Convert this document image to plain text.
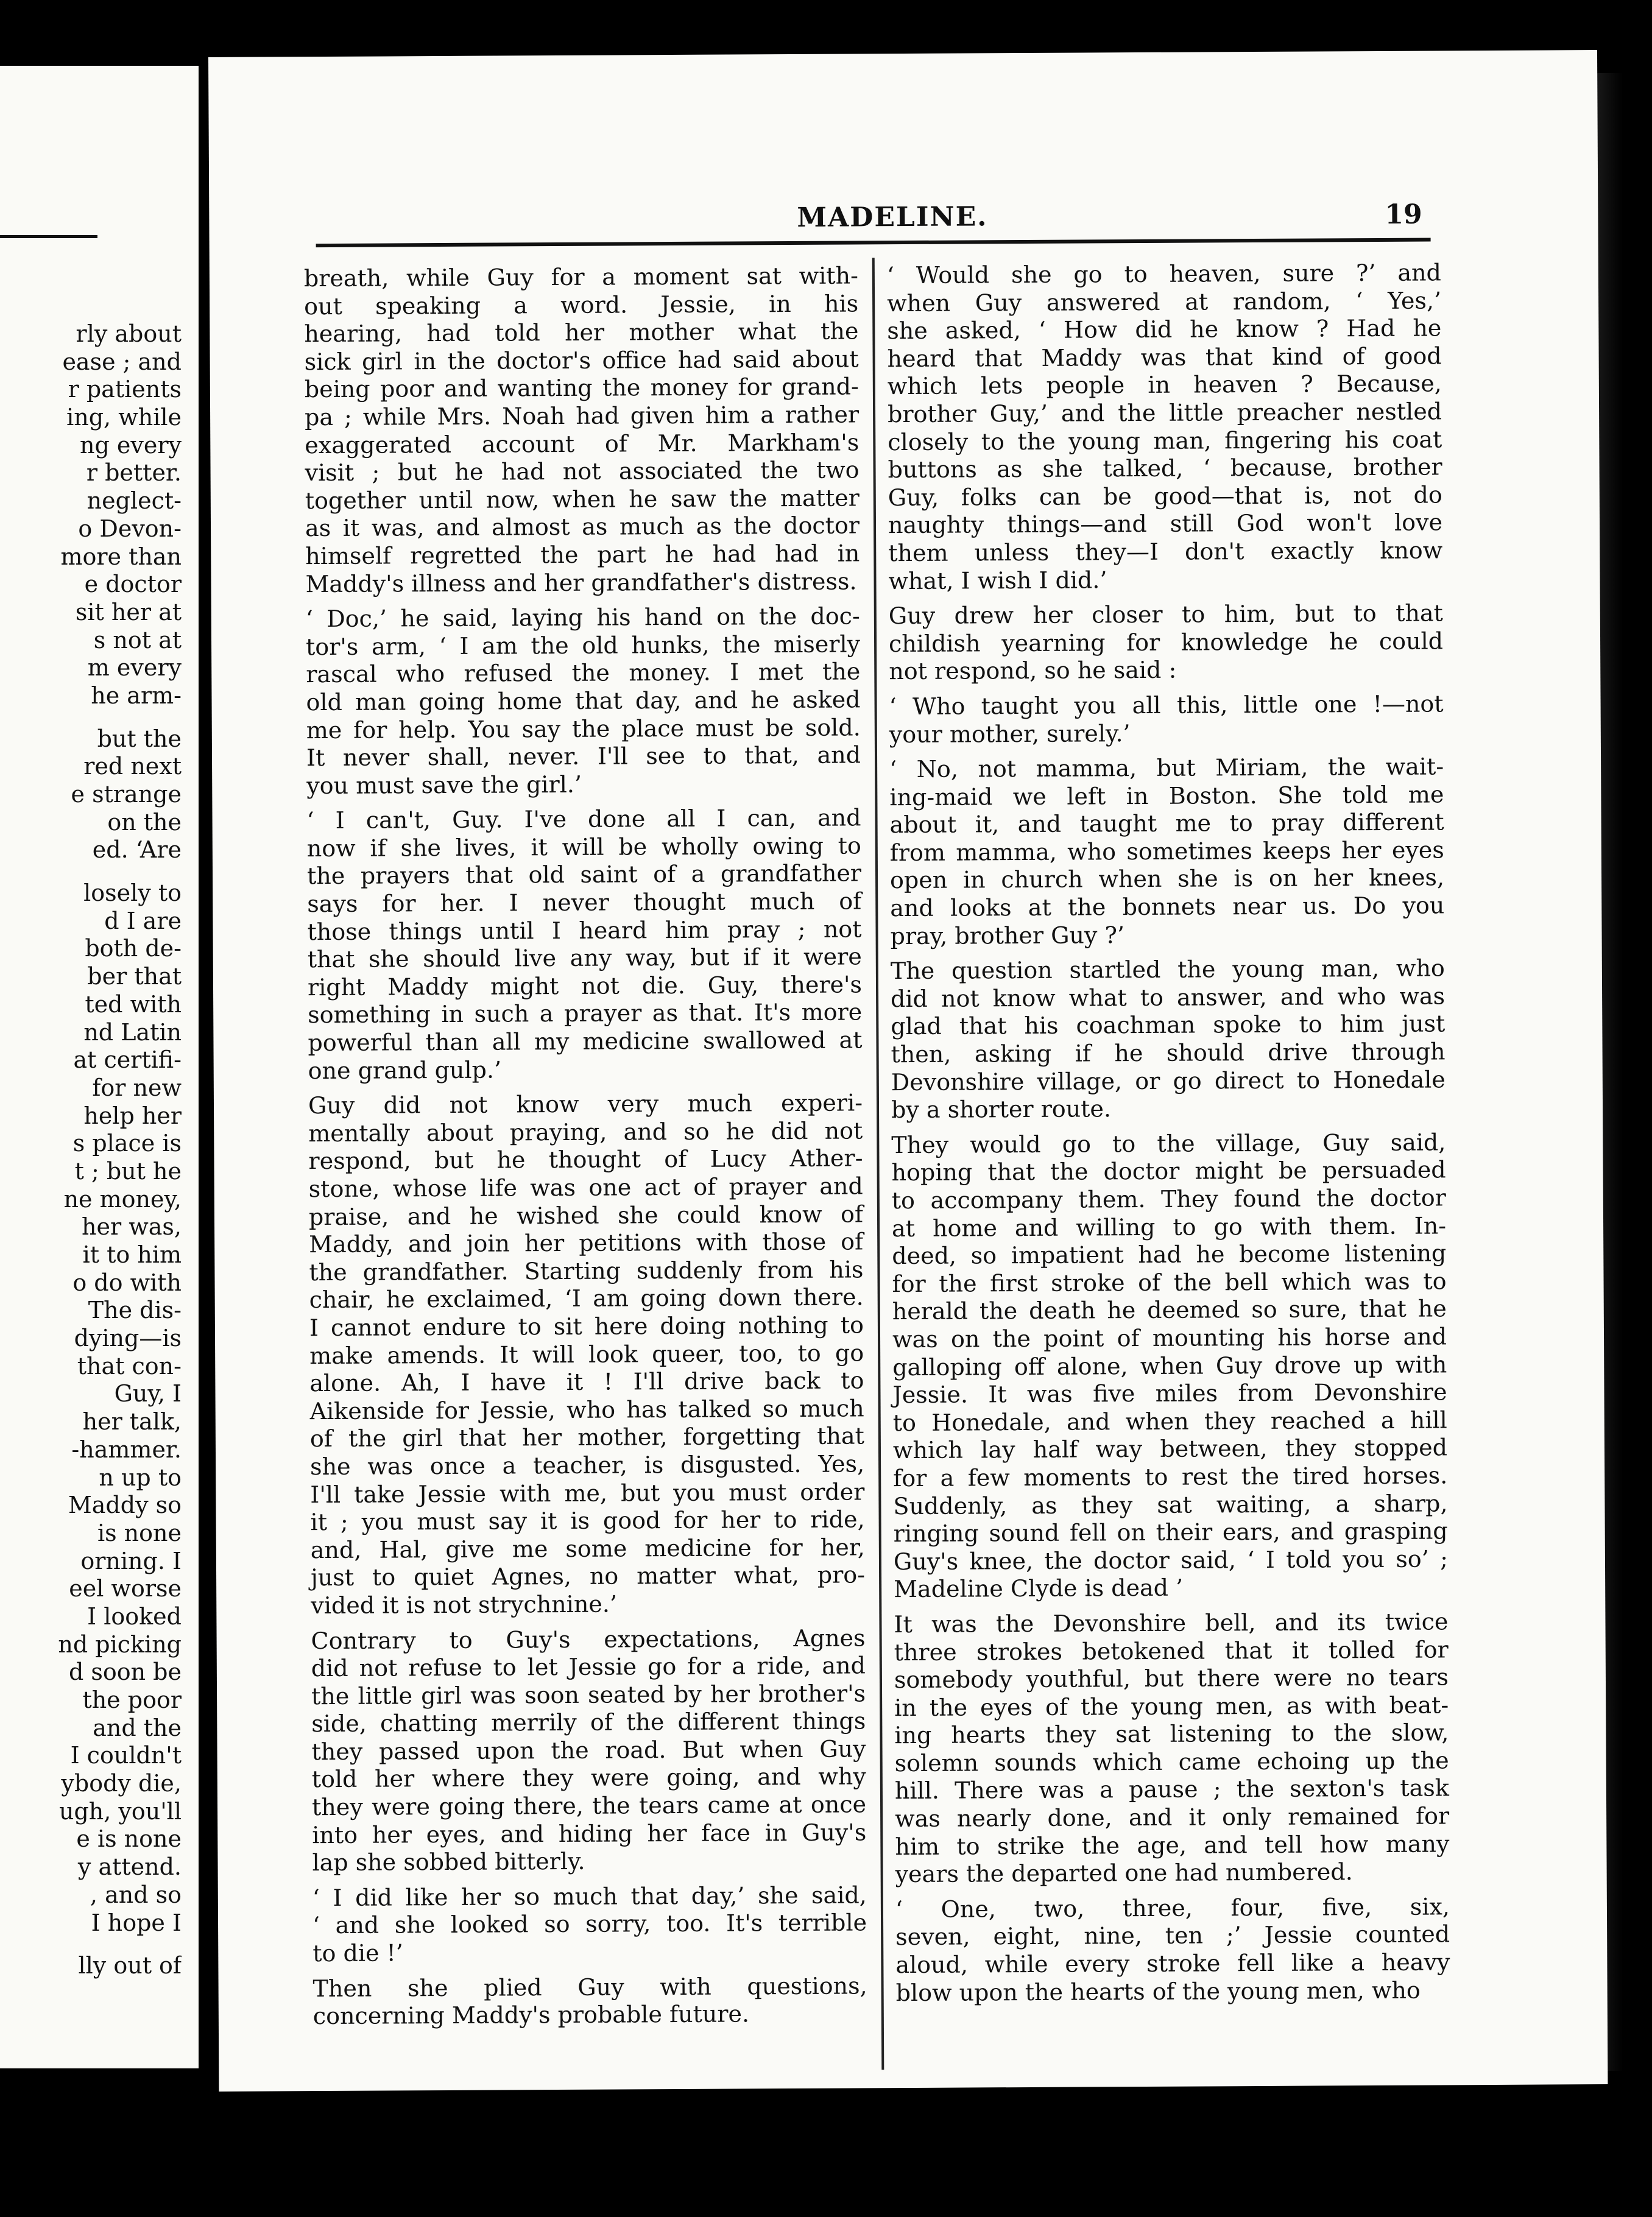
rly about
ease ; and
r patients
ing, while
ng every
r better.
neglect-
o Devon-
more than
e doctor
sit her at
s not at
m every
he arm-
but the
red next
e strange
on the
ed. ‘Are
losely to
d I are
both de-
ber that
ted with
nd Latin
at certifi-
for new
help her
s place is
t ; but he
ne money,
her was,
it to him
o do with
The dis-
dying—is
that con-
Guy, I
her talk,
-hammer.
n up to
Maddy so
is none
orning. I
eel worse
I looked
nd picking
d soon be
the poor
and the
I couldn't
ybody die,
ugh, you'll
e is none
y attend.
, and so
I hope I
lly out of
MADELINE.	19
breath, while Guy for a moment sat with-
out speaking a word. Jessie, in his
hearing, had told her mother what the
sick girl in the doctor's office had said about
being poor and wanting the money for grand-
pa ; while Mrs. Noah had given him a rather
exaggerated account of Mr. Markham's
visit ; but he had not associated the two
together until now, when he saw the matter
as it was, and almost as much as the doctor
himself regretted the part he had had in
Maddy's illness and her grandfather's distress.
‘ Doc,’ he said, laying his hand on the doc-
tor's arm, ‘ I am the old hunks, the miserly
rascal who refused the money. I met the
old man going home that day, and he asked
me for help. You say the place must be sold.
It never shall, never. I'll see to that, and
you must save the girl.’
‘ I can't, Guy. I've done all I can, and
now if she lives, it will be wholly owing to
the prayers that old saint of a grandfather
says for her. I never thought much of
those things until I heard him pray ; not
that she should live any way, but if it were
right Maddy might not die. Guy, there's
something in such a prayer as that. It's more
powerful than all my medicine swallowed at
one grand gulp.’
Guy did not know very much experi-
mentally about praying, and so he did not
respond, but he thought of Lucy Ather-
stone, whose life was one act of prayer and
praise, and he wished she could know of
Maddy, and join her petitions with those of
the grandfather. Starting suddenly from his
chair, he exclaimed, ‘I am going down there.
I cannot endure to sit here doing nothing to
make amends. It will look queer, too, to go
alone. Ah, I have it ! I'll drive back to
Aikenside for Jessie, who has talked so much
of the girl that her mother, forgetting that
she was once a teacher, is disgusted. Yes,
I'll take Jessie with me, but you must order
it ; you must say it is good for her to ride,
and, Hal, give me some medicine for her,
just to quiet Agnes, no matter what, pro-
vided it is not strychnine.’
Contrary to Guy's expectations, Agnes
did not refuse to let Jessie go for a ride, and
the little girl was soon seated by her brother's
side, chatting merrily of the different things
they passed upon the road. But when Guy
told her where they were going, and why
they were going there, the tears came at once
into her eyes, and hiding her face in Guy's
lap she sobbed bitterly.
‘ I did like her so much that day,’ she said,
‘ and she looked so sorry, too. It's terrible
to die !’
Then she plied Guy with questions,
concerning Maddy's probable future.
‘ Would she go to heaven, sure ?’ and
when Guy answered at random, ‘ Yes,’
she asked, ‘ How did he know ? Had he
heard that Maddy was that kind of good
which lets people in heaven ? Because,
brother Guy,’ and the little preacher nestled
closely to the young man, fingering his coat
buttons as she talked, ‘ because, brother
Guy, folks can be good—that is, not do
naughty things—and still God won't love
them unless they—I don't exactly know
what, I wish I did.’
Guy drew her closer to him, but to that
childish yearning for knowledge he could
not respond, so he said :
‘ Who taught you all this, little one !—not
your mother, surely.’
‘ No, not mamma, but Miriam, the wait-
ing-maid we left in Boston. She told me
about it, and taught me to pray different
from mamma, who sometimes keeps her eyes
open in church when she is on her knees,
and looks at the bonnets near us. Do you
pray, brother Guy ?’
The question startled the young man, who
did not know what to answer, and who was
glad that his coachman spoke to him just
then, asking if he should drive through
Devonshire village, or go direct to Honedale
by a shorter route.
They would go to the village, Guy said,
hoping that the doctor might be persuaded
to accompany them. They found the doctor
at home and willing to go with them. In-
deed, so impatient had he become listening
for the first stroke of the bell which was to
herald the death he deemed so sure, that he
was on the point of mounting his horse and
galloping off alone, when Guy drove up with
Jessie. It was five miles from Devonshire
to Honedale, and when they reached a hill
which lay half way between, they stopped
for a few moments to rest the tired horses.
Suddenly, as they sat waiting, a sharp,
ringing sound fell on their ears, and grasping
Guy's knee, the doctor said, ‘ I told you so’ ;
Madeline Clyde is dead ’
It was the Devonshire bell, and its twice
three strokes betokened that it tolled for
somebody youthful, but there were no tears
in the eyes of the young men, as with beat-
ing hearts they sat listening to the slow,
solemn sounds which came echoing up the
hill. There was a pause ; the sexton's task
was nearly done, and it only remained for
him to strike the age, and tell how many
years the departed one had numbered.
‘ One, two, three, four, five, six,
seven, eight, nine, ten ;’ Jessie counted
aloud, while every stroke fell like a heavy
blow upon the hearts of the young men, who
